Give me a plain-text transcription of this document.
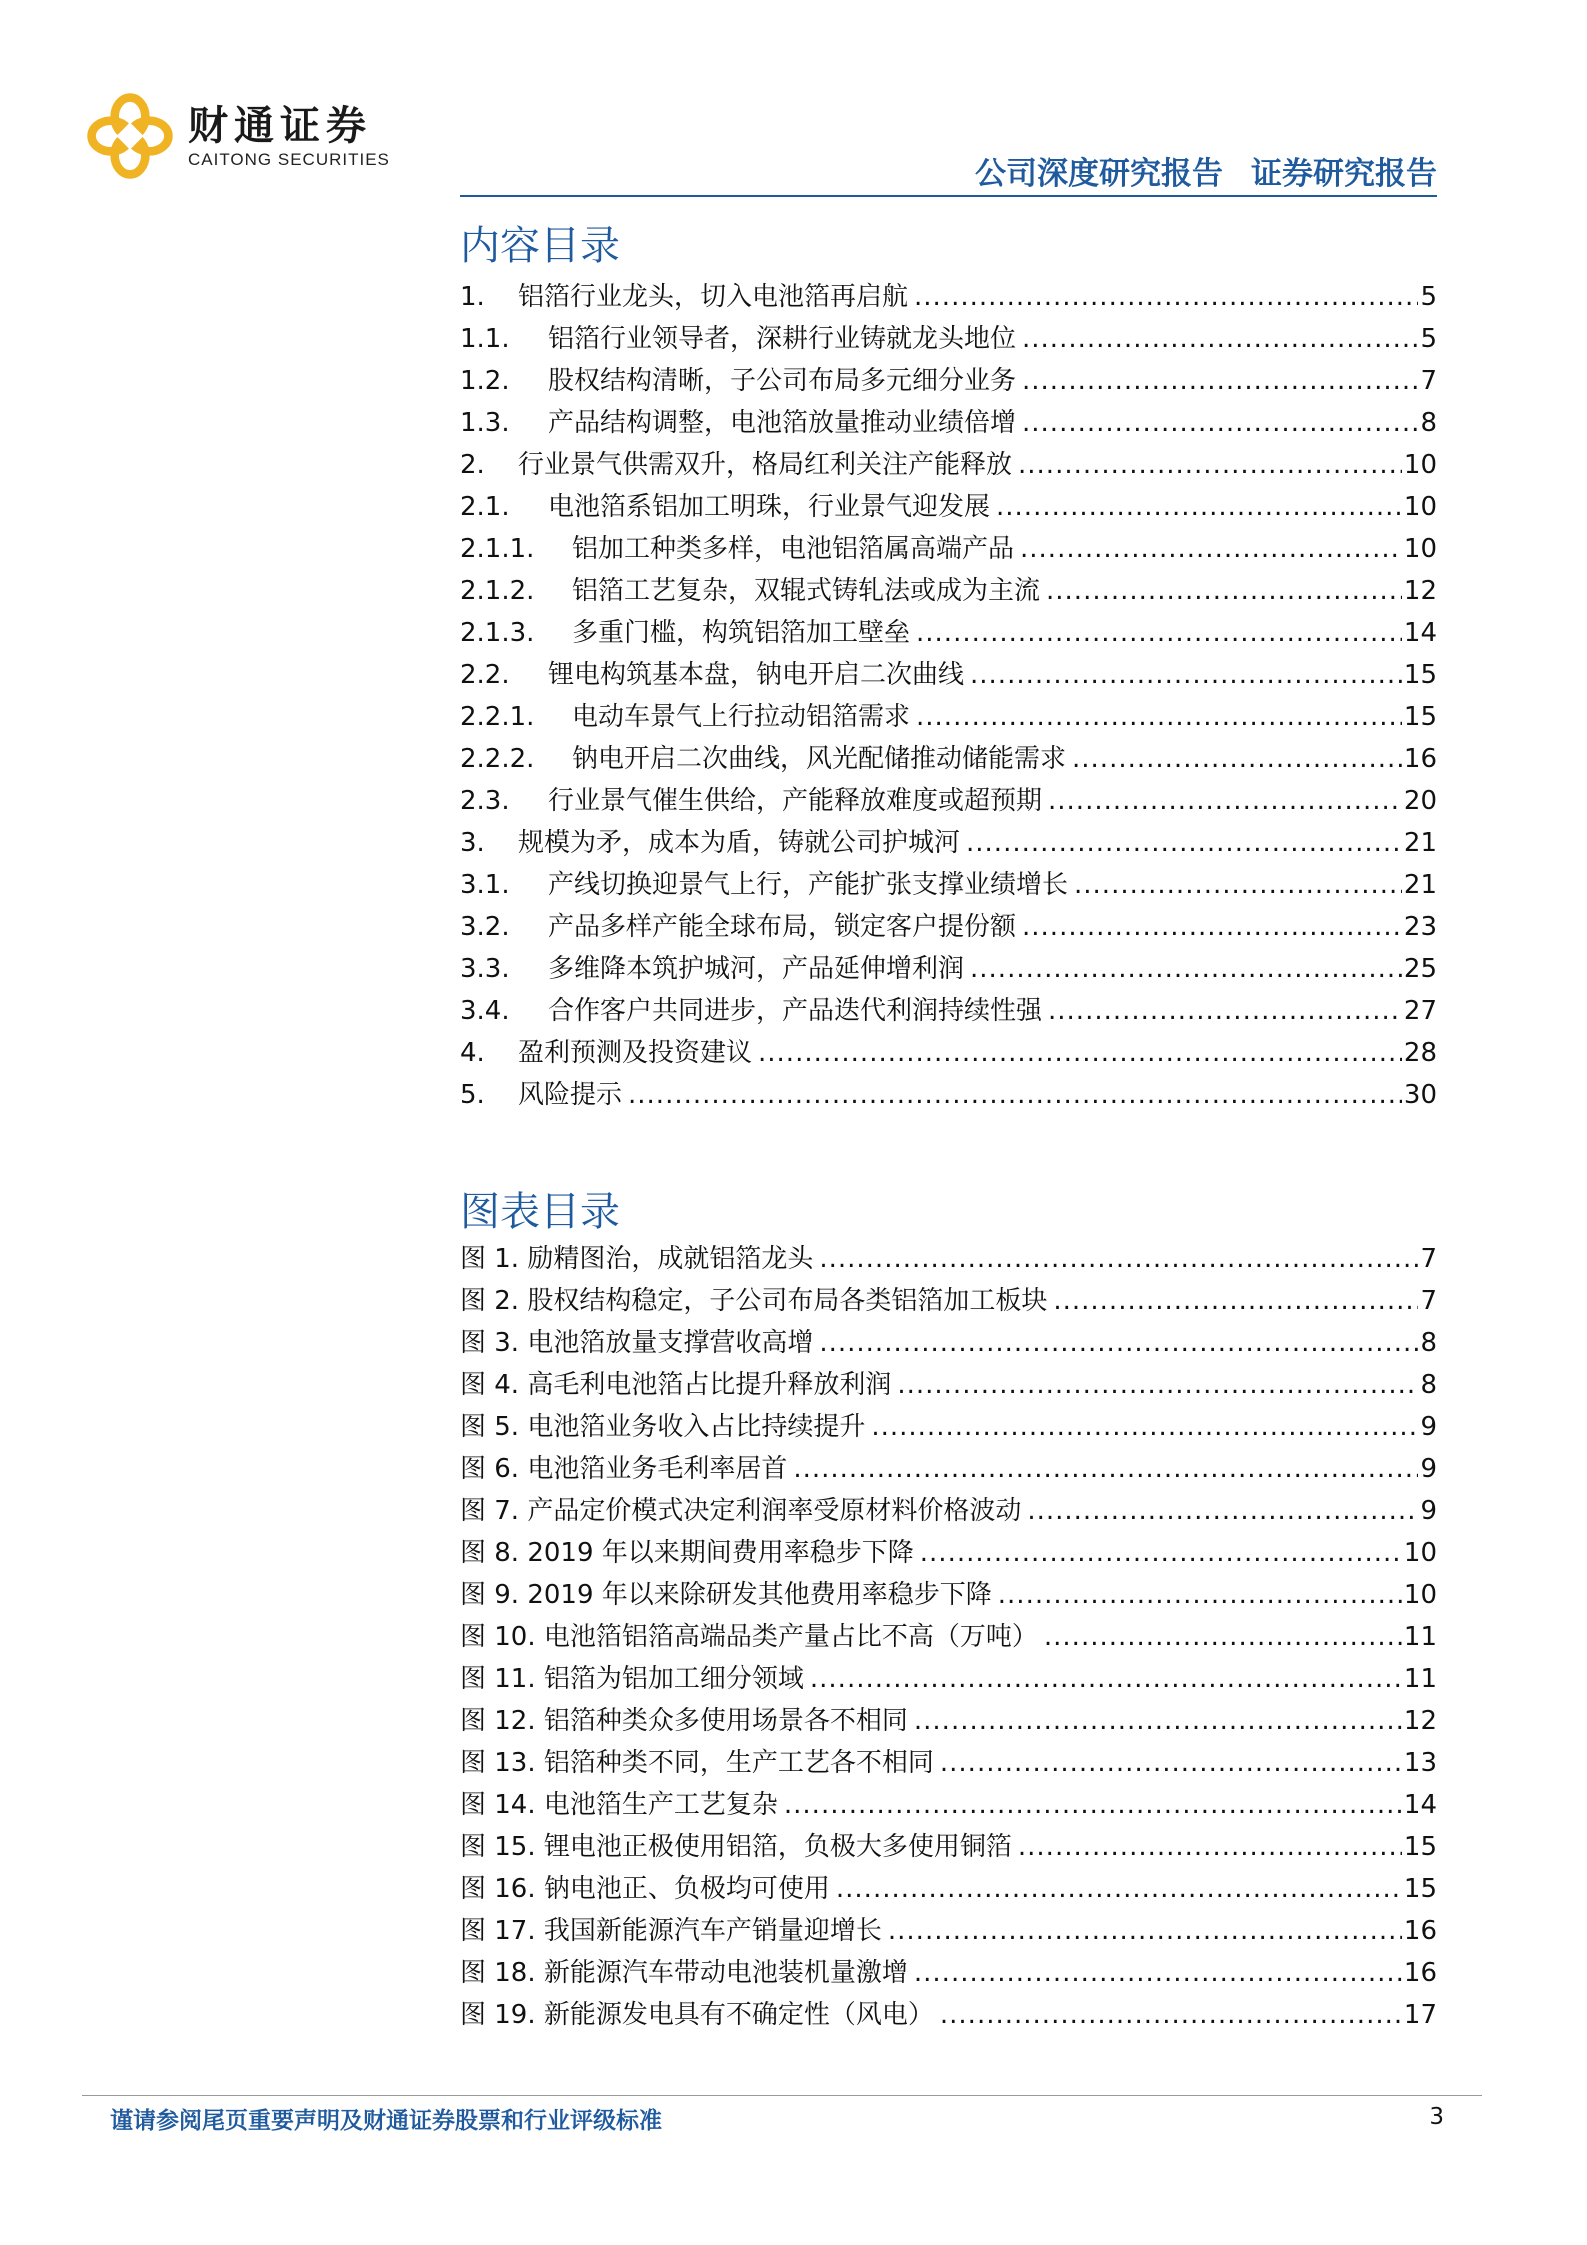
财通证券
CAITONG SECURITIES	公司深度研究报告 证券研究报告
内容目录
1.	铝箔行业龙头，切入电池箔再启航 .....	5
1.1.	铝箔行业领导者，深耕行业铸就龙头地位 .....	5
1.2.	股权结构清晰，子公司布局多元细分业务 .....	7
1.3.	产品结构调整，电池箔放量推动业绩倍增 .....	8
2.	行业景气供需双升，格局红利关注产能释放 .....	10
2.1.	电池箔系铝加工明珠，行业景气迎发展 .....	10
2.1.1.	铝加工种类多样，电池铝箔属高端产品 .....	10
2.1.2.	铝箔工艺复杂，双辊式铸轧法或成为主流 .....	12
2.1.3.	多重门槛，构筑铝箔加工壁垒 .....	14
2.2.	锂电构筑基本盘，钠电开启二次曲线 .....	15
2.2.1.	电动车景气上行拉动铝箔需求 .....	15
2.2.2.	钠电开启二次曲线，风光配储推动储能需求 .....	16
2.3.	行业景气催生供给，产能释放难度或超预期 .....	20
3.	规模为矛，成本为盾，铸就公司护城河 .....	21
3.1.	产线切换迎景气上行，产能扩张支撑业绩增长 .....	21
3.2.	产品多样产能全球布局，锁定客户提份额 .....	23
3.3.	多维降本筑护城河，产品延伸增利润 .....	25
3.4.	合作客户共同进步，产品迭代利润持续性强 .....	27
4.	盈利预测及投资建议 .....	28
5.	风险提示 .....	30
图表目录
图 1. 励精图治，成就铝箔龙头 .....	7
图 2. 股权结构稳定，子公司布局各类铝箔加工板块 .....	7
图 3. 电池箔放量支撑营收高增 .....	8
图 4. 高毛利电池箔占比提升释放利润 .....	8
图 5. 电池箔业务收入占比持续提升 .....	9
图 6. 电池箔业务毛利率居首 .....	9
图 7. 产品定价模式决定利润率受原材料价格波动 .....	9
图 8. 2019 年以来期间费用率稳步下降 .....	10
图 9. 2019 年以来除研发其他费用率稳步下降 .....	10
图 10. 电池箔铝箔高端品类产量占比不高（万吨） .....	11
图 11. 铝箔为铝加工细分领域 .....	11
图 12. 铝箔种类众多使用场景各不相同 .....	12
图 13. 铝箔种类不同，生产工艺各不相同 .....	13
图 14. 电池箔生产工艺复杂 .....	14
图 15. 锂电池正极使用铝箔，负极大多使用铜箔 .....	15
图 16. 钠电池正、负极均可使用 .....	15
图 17. 我国新能源汽车产销量迎增长 .....	16
图 18. 新能源汽车带动电池装机量激增 .....	16
图 19. 新能源发电具有不确定性（风电） .....	17
谨请参阅尾页重要声明及财通证券股票和行业评级标准	3
